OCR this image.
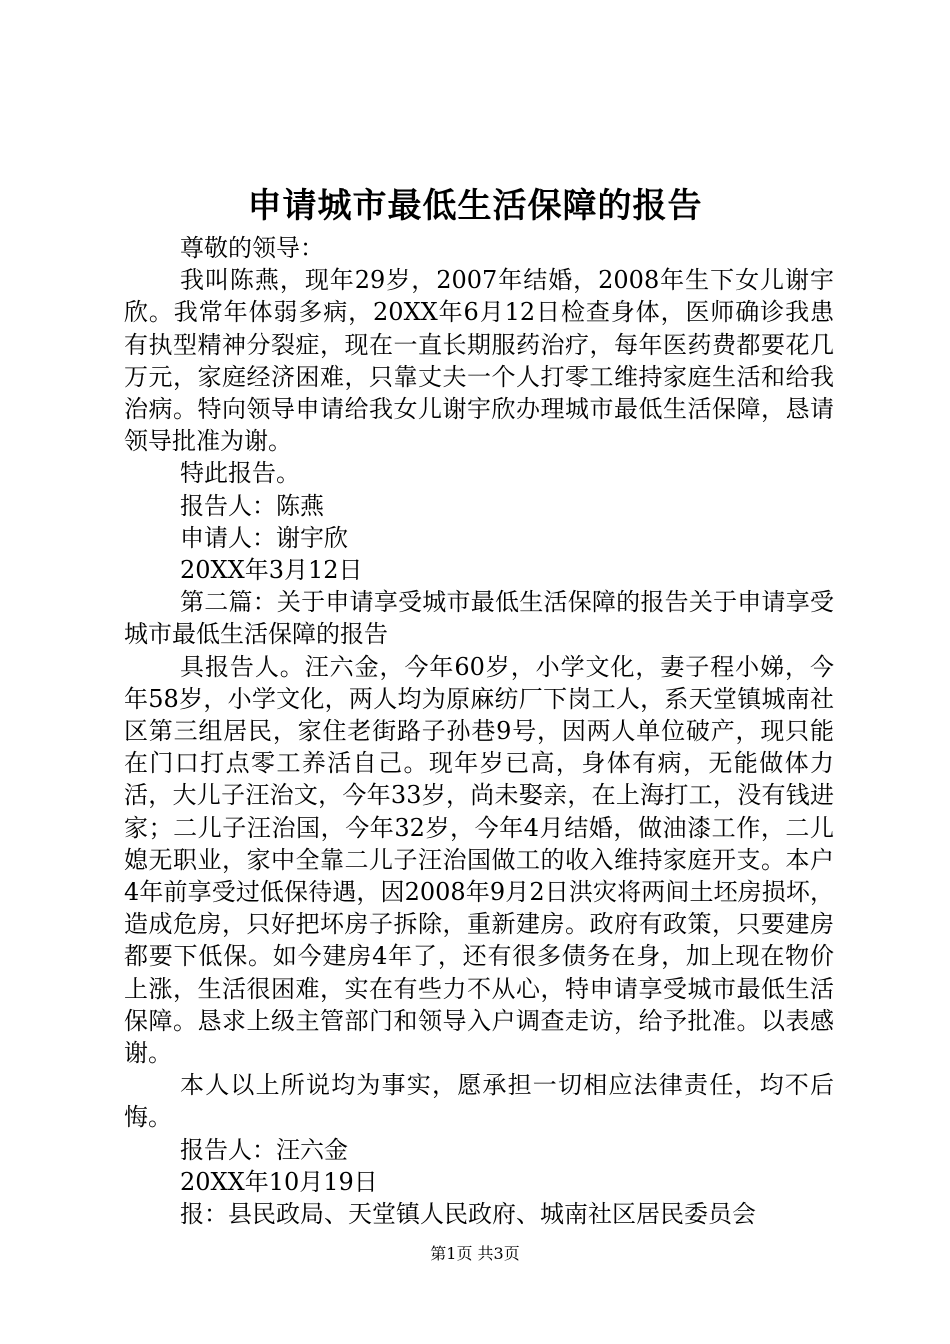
申请城市最低生活保障的报告

尊敬的领导：

我叫陈燕，现年29岁，2007年结婚，2008年生下女儿谢宇欣。我常年体弱多病，20XX年6月12日检查身体，医师确诊我患有执型精神分裂症，现在一直长期服药治疗，每年医药费都要花几万元，家庭经济困难，只靠丈夫一个人打零工维持家庭生活和给我治病。特向领导申请给我女儿谢宇欣办理城市最低生活保障，恳请领导批准为谢。

特此报告。

报告人：陈燕

申请人：谢宇欣

20XX年3月12日

第二篇：关于申请享受城市最低生活保障的报告关于申请享受城市最低生活保障的报告

具报告人。汪六金，今年60岁，小学文化，妻子程小娣，今年58岁，小学文化，两人均为原麻纺厂下岗工人，系天堂镇城南社区第三组居民，家住老街路子孙巷9号，因两人单位破产，现只能在门口打点零工养活自己。现年岁已高，身体有病，无能做体力活，大儿子汪治文，今年33岁，尚未娶亲，在上海打工，没有钱进家；二儿子汪治国，今年32岁，今年4月结婚，做油漆工作，二儿媳无职业，家中全靠二儿子汪治国做工的收入维持家庭开支。本户4年前享受过低保待遇，因2008年9月2日洪灾将两间土坯房损坏，造成危房，只好把坏房子拆除，重新建房。政府有政策，只要建房都要下低保。如今建房4年了，还有很多债务在身，加上现在物价上涨，生活很困难，实在有些力不从心，特申请享受城市最低生活保障。恳求上级主管部门和领导入户调查走访，给予批准。以表感谢。

本人以上所说均为事实，愿承担一切相应法律责任，均不后悔。

报告人：汪六金

20XX年10月19日

报：县民政局、天堂镇人民政府、城南社区居民委员会

第1页 共3页
